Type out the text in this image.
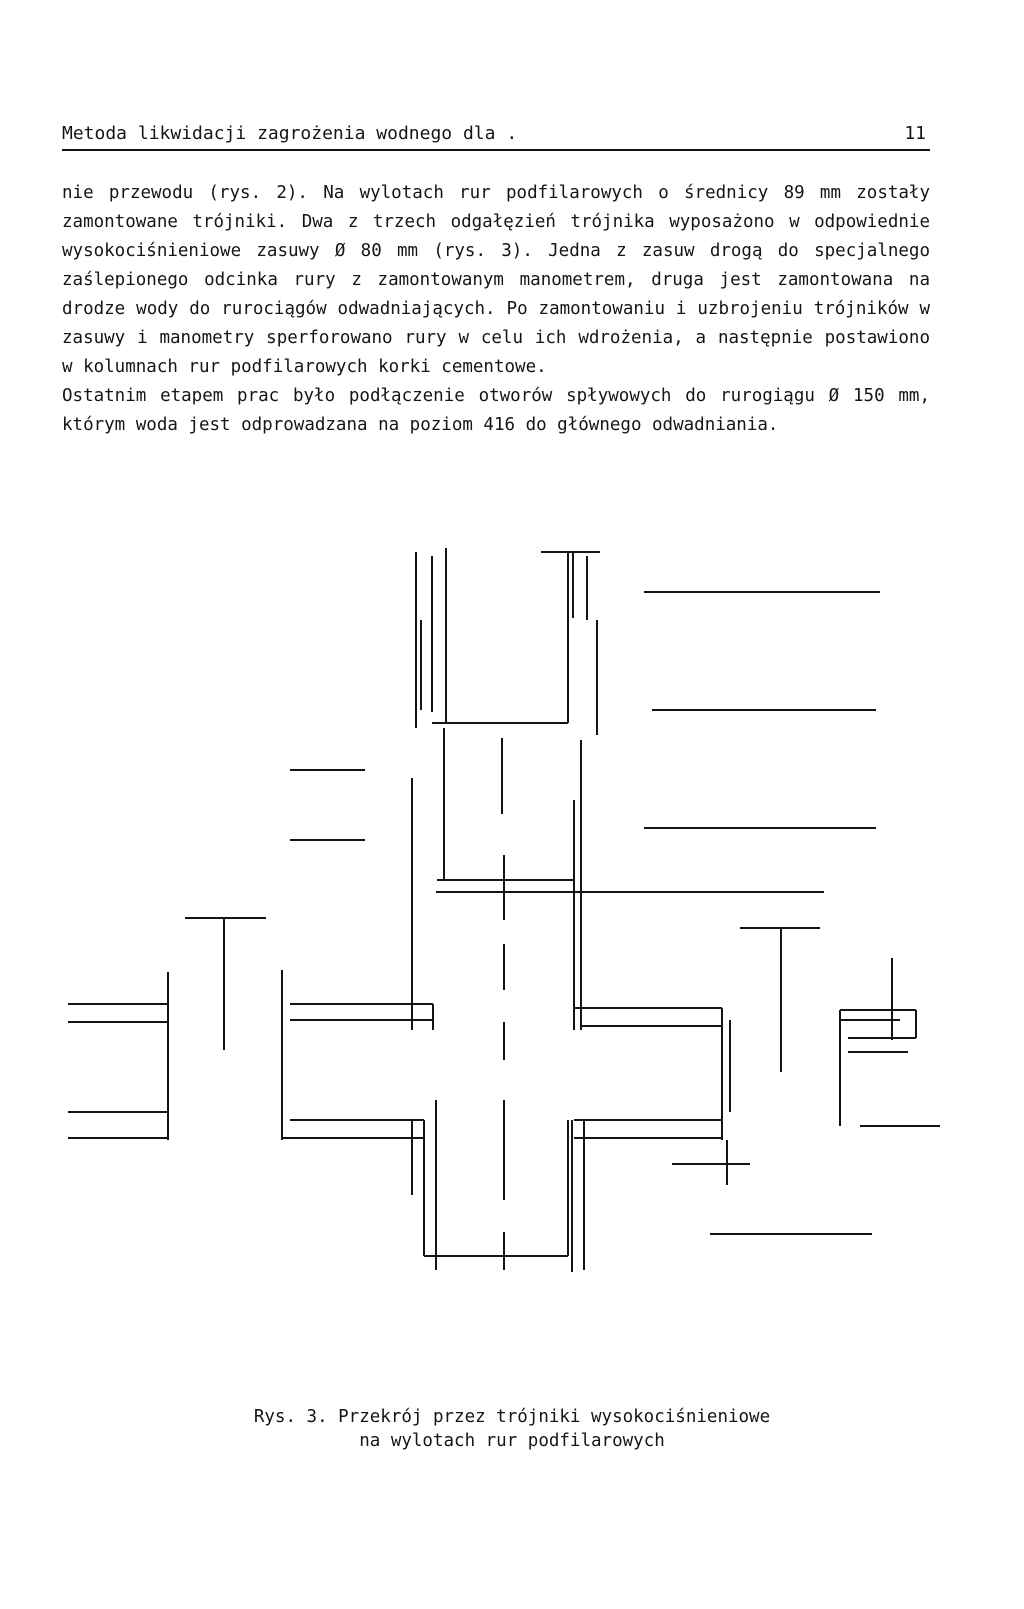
Metoda likwidacji zagrożenia wodnego dla .	11

nie przewodu (rys. 2). Na wylotach rur podfilarowych o średnicy 89 mm zostały zamontowane trójniki. Dwa z trzech odgałęzień trójnika wyposażono w odpowiednie wysokociśnieniowe zasuwy Ø 80 mm (rys. 3). Jedna z zasuw drogą do specjalnego zaślepionego odcinka rury z zamontowanym manometrem, druga jest zamontowana na drodze wody do rurociągów odwadniających. Po zamontowaniu i uzbrojeniu trójników w zasuwy i manometry sperforowano rury w celu ich wdrożenia, a następnie postawiono w kolumnach rur podfilarowych korki cementowe.

Ostatnim etapem prac było podłączenie otworów spływowych do rurogiągu Ø 150 mm, którym woda jest odprowadzana na poziom 416 do głównego odwadniania.

Rys. 3. Przekrój przez trójniki wysokociśnieniowe
na wylotach rur podfilarowych
